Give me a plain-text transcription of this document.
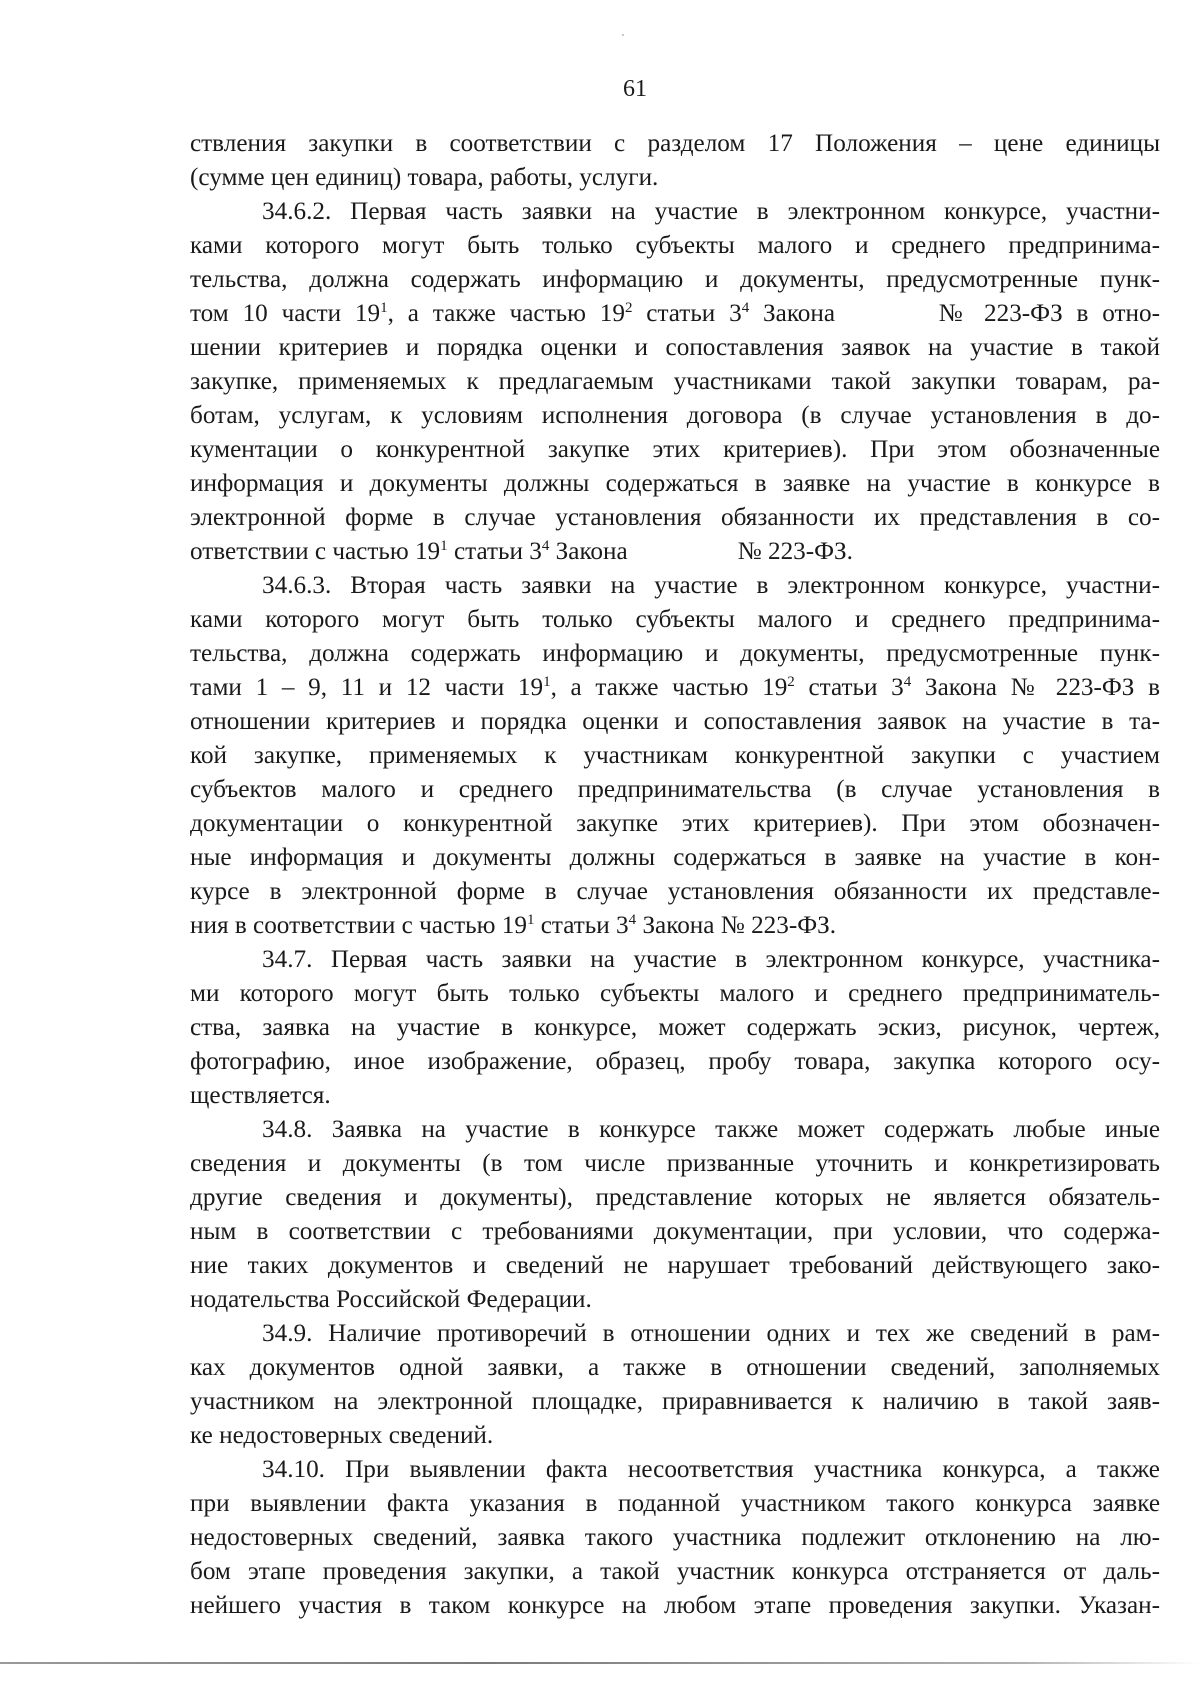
61
ствления закупки в соответствии с разделом 17 Положения – цене единицы
(сумме цен единиц) товара, работы, услуги.
34.6.2. Первая часть заявки на участие в электронном конкурсе, участни-
ками которого могут быть только субъекты малого и среднего предпринима-
тельства, должна содержать информацию и документы, предусмотренные пунк-
том 10 части $19^1$, а также частью $19^2$ статьи $3^4$ Закона	№ 223-ФЗ в отно-
шении критериев и порядка оценки и сопоставления заявок на участие в такой
закупке, применяемых к предлагаемым участниками такой закупки товарам, ра-
ботам, услугам, к условиям исполнения договора (в случае установления в до-
кументации о конкурентной закупке этих критериев). При этом обозначенные
информация и документы должны содержаться в заявке на участие в конкурсе в
электронной форме в случае установления обязанности их представления в со-
ответствии с частью $19^1$ статьи $3^4$ Закона	№ 223-ФЗ.
34.6.3. Вторая часть заявки на участие в электронном конкурсе, участни-
ками которого могут быть только субъекты малого и среднего предпринима-
тельства, должна содержать информацию и документы, предусмотренные пунк-
тами 1 – 9, 11 и 12 части $19^1$, а также частью $19^2$ статьи $3^4$ Закона № 223-ФЗ в
отношении критериев и порядка оценки и сопоставления заявок на участие в та-
кой закупке, применяемых к участникам конкурентной закупки с участием
субъектов малого и среднего предпринимательства (в случае установления в
документации о конкурентной закупке этих критериев). При этом обозначен-
ные информация и документы должны содержаться в заявке на участие в кон-
курсе в электронной форме в случае установления обязанности их представле-
ния в соответствии с частью $19^1$ статьи $3^4$ Закона № 223-ФЗ.
34.7. Первая часть заявки на участие в электронном конкурсе, участника-
ми которого могут быть только субъекты малого и среднего предприниматель-
ства, заявка на участие в конкурсе, может содержать эскиз, рисунок, чертеж,
фотографию, иное изображение, образец, пробу товара, закупка которого осу-
ществляется.
34.8. Заявка на участие в конкурсе также может содержать любые иные
сведения и документы (в том числе призванные уточнить и конкретизировать
другие сведения и документы), представление которых не является обязатель-
ным в соответствии с требованиями документации, при условии, что содержа-
ние таких документов и сведений не нарушает требований действующего зако-
нодательства Российской Федерации.
34.9. Наличие противоречий в отношении одних и тех же сведений в рам-
ках документов одной заявки, а также в отношении сведений, заполняемых
участником на электронной площадке, приравнивается к наличию в такой заяв-
ке недостоверных сведений.
34.10. При выявлении факта несоответствия участника конкурса, а также
при выявлении факта указания в поданной участником такого конкурса заявке
недостоверных сведений, заявка такого участника подлежит отклонению на лю-
бом этапе проведения закупки, а такой участник конкурса отстраняется от даль-
нейшего участия в таком конкурсе на любом этапе проведения закупки. Указан-
